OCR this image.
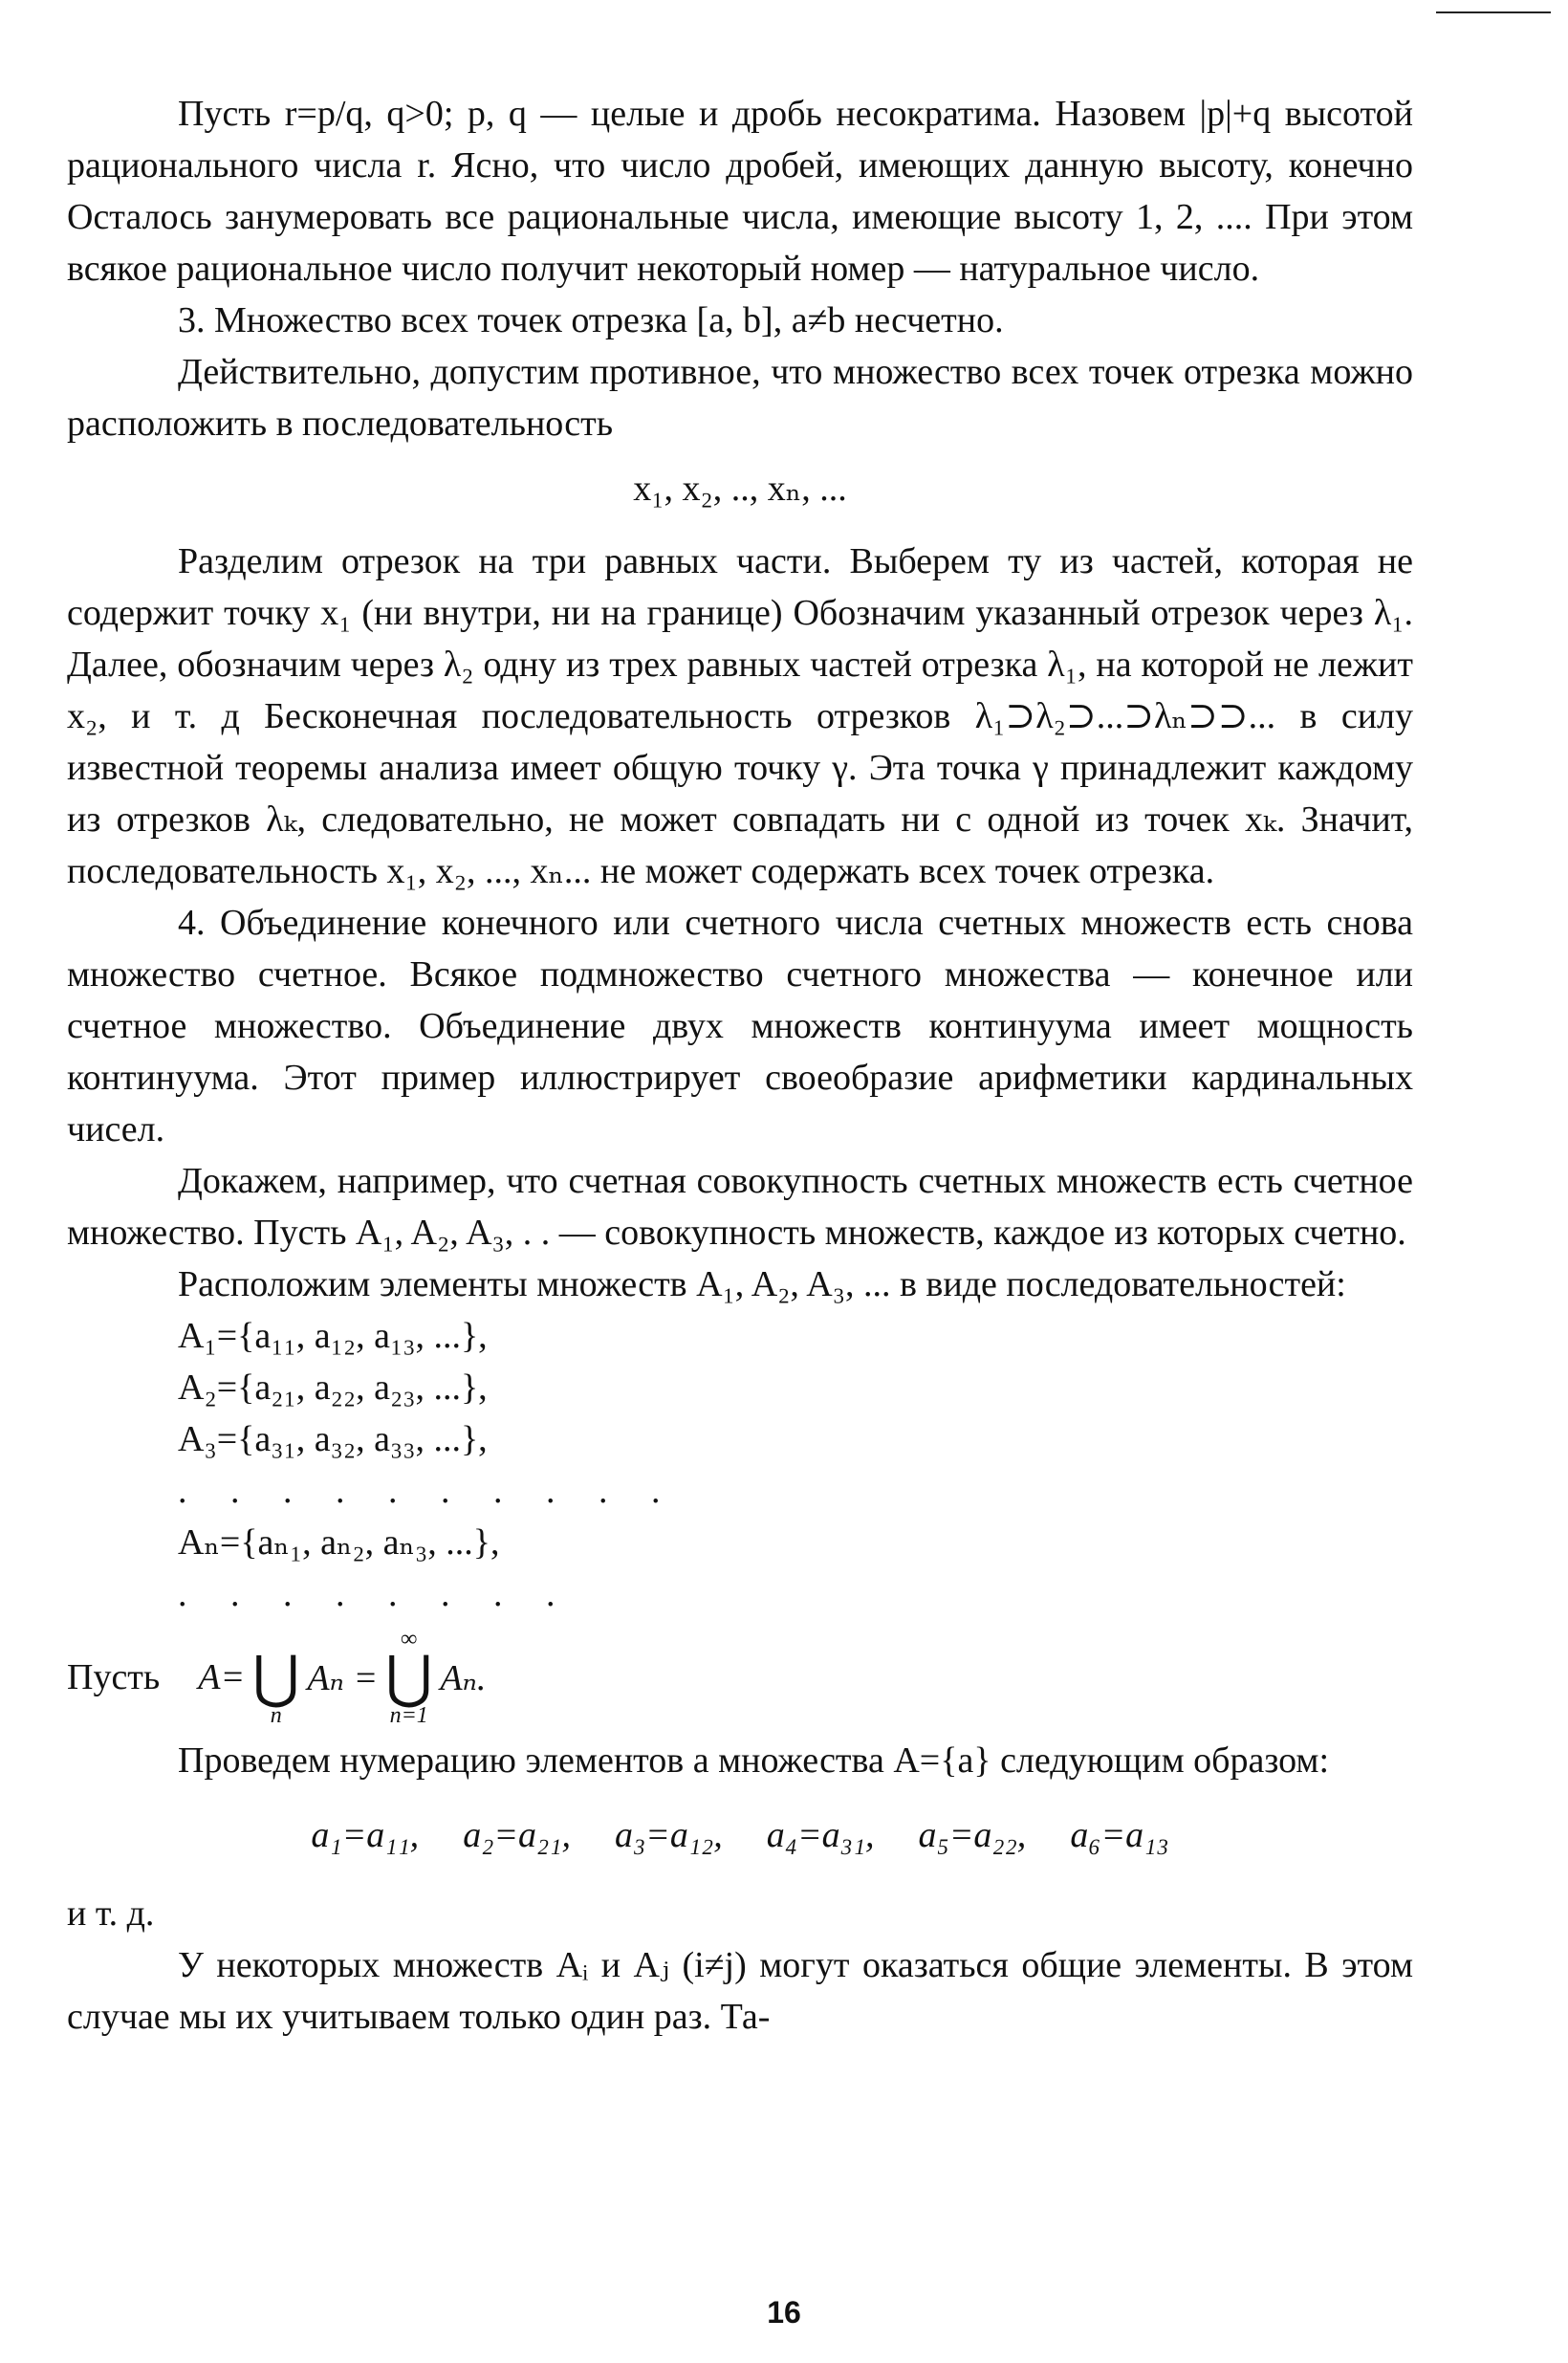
Пусть r=p/q, q>0; p, q — целые и дробь несократима. Назовем |p|+q высотой рационального числа r. Ясно, что число дробей, имеющих данную высоту, конечно Осталось занумеровать все рациональные числа, имеющие высоту 1, 2, .... При этом всякое рациональное число получит некоторый номер — натуральное число.

3. Множество всех точек отрезка [a, b], a≠b несчетно.

Действительно, допустим противное, что множество всех точек отрезка можно расположить в последовательность

x₁, x₂, .., xₙ, ...

Разделим отрезок на три равных части. Выберем ту из частей, которая не содержит точку x₁ (ни внутри, ни на границе) Обозначим указанный отрезок через λ₁. Далее, обозначим через λ₂ одну из трех равных частей отрезка λ₁, на которой не лежит x₂, и т. д Бесконечная последовательность отрезков λ₁⊃λ₂⊃...⊃λₙ⊃⊃... в силу известной теоремы анализа имеет общую точку γ. Эта точка γ принадлежит каждому из отрезков λₖ, следовательно, не может совпадать ни с одной из точек xₖ. Значит, последовательность x₁, x₂, ..., xₙ... не может содержать всех точек отрезка.

4. Объединение конечного или счетного числа счетных множеств есть снова множество счетное. Всякое подмножество счетного множества — конечное или счетное множество. Объединение двух множеств континуума имеет мощность континуума. Этот пример иллюстрирует своеобразие арифметики кардинальных чисел.

Докажем, например, что счетная совокупность счетных множеств есть счетное множество. Пусть A₁, A₂, A₃, . . — совокупность множеств, каждое из которых счетно.

Расположим элементы множеств A₁, A₂, A₃, ... в виде последовательностей:

A₁={a₁₁, a₁₂, a₁₃, ...},
A₂={a₂₁, a₂₂, a₂₃, ...},
A₃={a₃₁, a₃₂, a₃₃, ...},
. . . . . . . . . .
Aₙ={aₙ₁, aₙ₂, aₙ₃, ...},
. . . . . . . .
Пусть A= ⋃
n
Aₙ =
∞
⋃
n=1
Aₙ.

Проведем нумерацию элементов a множества A={a} следующим образом:

a₁=a₁₁, a₂=a₂₁, a₃=a₁₂, a₄=a₃₁, a₅=a₂₂, a₆=a₁₃

и т. д.

У некоторых множеств Aᵢ и Aⱼ (i≠j) могут оказаться общие элементы. В этом случае мы их учитываем только один раз. Та-

16
